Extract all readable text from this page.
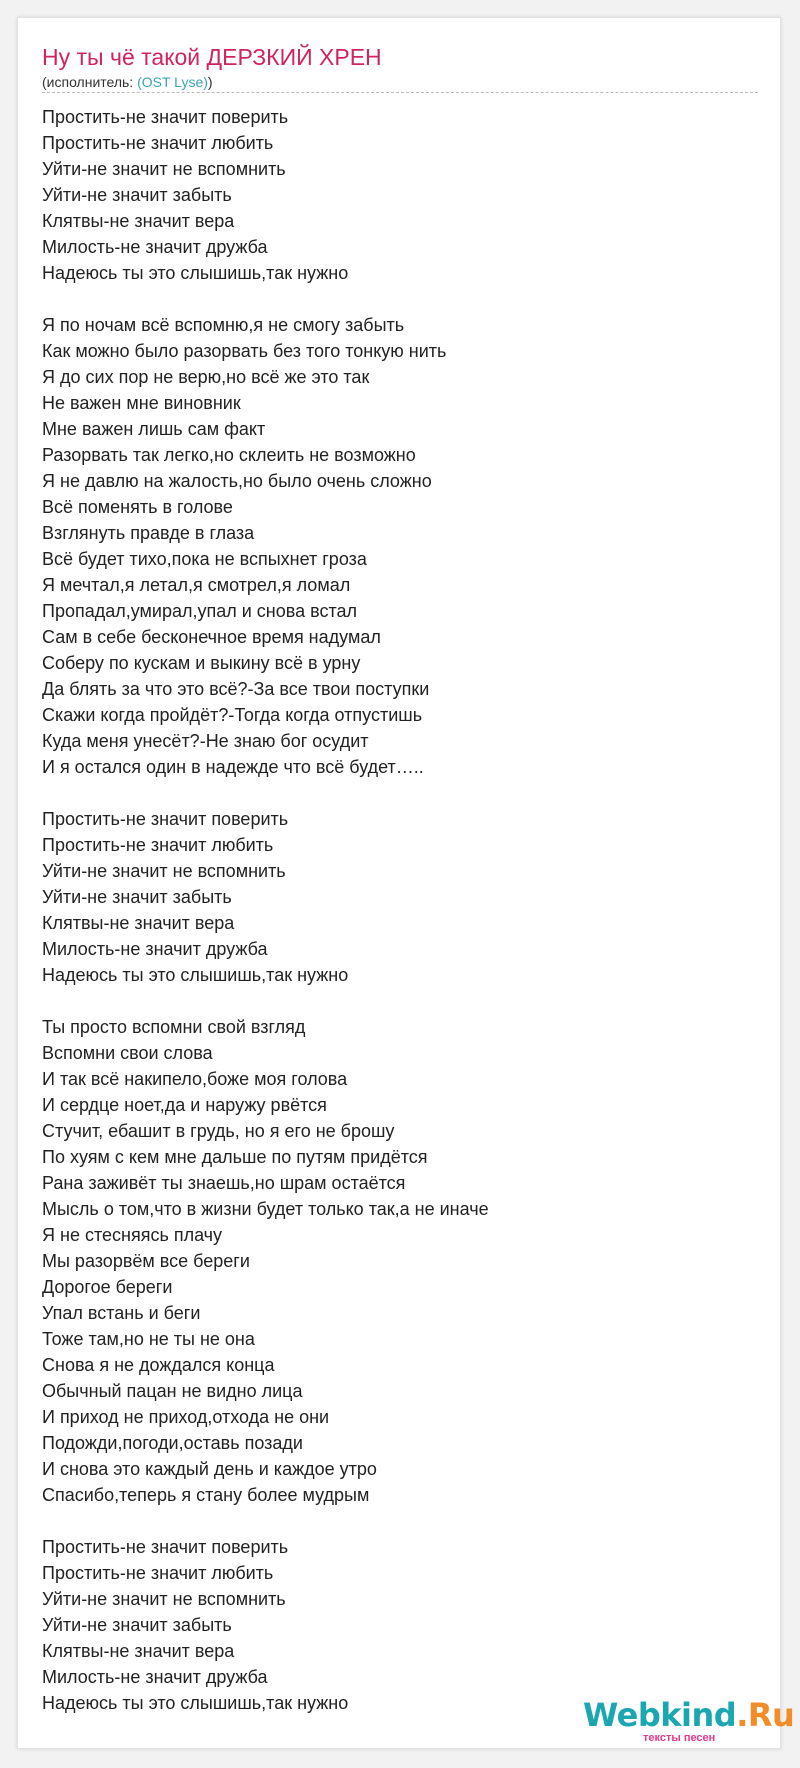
Ну ты чё такой ДЕРЗКИЙ ХРЕН
(исполнитель: (OST Lyse))
Простить-не значит поверить
Простить-не значит любить
Уйти-не значит не вспомнить
Уйти-не значит забыть
Клятвы-не значит вера
Милость-не значит дружба
Надеюсь ты это слышишь,так нужно
Я по ночам всё вспомню,я не смогу забыть
Как можно было разорвать без того тонкую нить
Я до сих пор не верю,но всё же это так
Не важен мне виновник
Мне важен лишь сам факт
Разорвать так легко,но склеить не возможно
Я не давлю на жалость,но было очень сложно
Всё поменять в голове
Взглянуть правде в глаза
Всё будет тихо,пока не вспыхнет гроза
Я мечтал,я летал,я смотрел,я ломал
Пропадал,умирал,упал и снова встал
Сам в себе бесконечное время надумал
Соберу по кускам и выкину всё в урну
Да блять за что это всё?-За все твои поступки
Скажи когда пройдёт?-Тогда когда отпустишь
Куда меня унесёт?-Не знаю бог осудит
И я остался один в надежде что всё будет…..
Простить-не значит поверить
Простить-не значит любить
Уйти-не значит не вспомнить
Уйти-не значит забыть
Клятвы-не значит вера
Милость-не значит дружба
Надеюсь ты это слышишь,так нужно
Ты просто вспомни свой взгляд
Вспомни свои слова
И так всё накипело,боже моя голова
И сердце ноет,да и наружу рвётся
Стучит, ебашит в грудь, но я его не брошу
По хуям с кем мне дальше по путям придётся
Рана заживёт ты знаешь,но шрам остаётся
Мысль о том,что в жизни будет только так,а не иначе
Я не стесняясь плачу
Мы разорвём все береги
Дорогое береги
Упал встань и беги
Тоже там,но не ты не она
Снова я не дождался конца
Обычный пацан не видно лица
И приход не приход,отхода не они
Подожди,погоди,оставь позади
И снова это каждый день и каждое утро
Спасибо,теперь я стану более мудрым
Простить-не значит поверить
Простить-не значит любить
Уйти-не значит не вспомнить
Уйти-не значит забыть
Клятвы-не значит вера
Милость-не значит дружба
Надеюсь ты это слышишь,так нужно	Webkind.Ru
тексты песен
